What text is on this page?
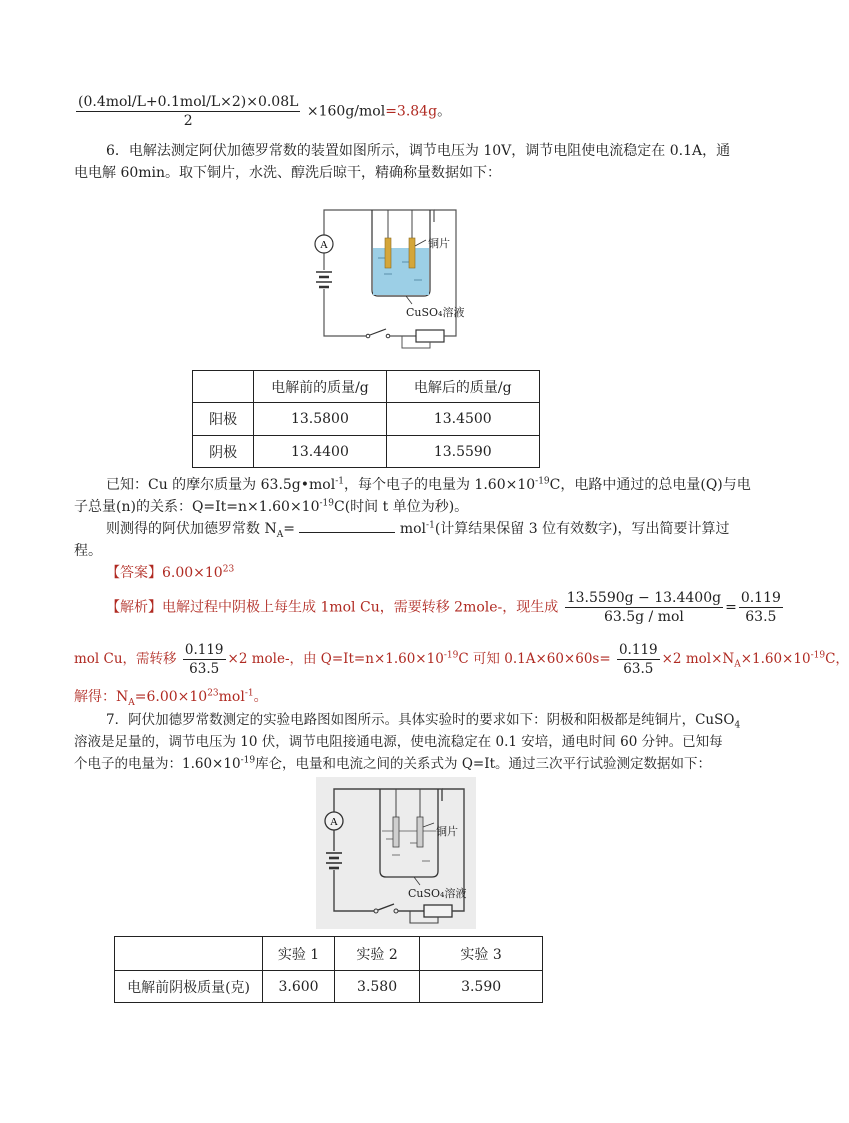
$\frac{\text{(0.4mol/L+0.1mol/L×2)×0.08L}}{2} \times 160g/mol=3.84g$。
6．电解法测定阿伏加德罗常数的装置如图所示，调节电压为 10V，调节电阻使电流稳定在 0.1A，通
电电解 60min。取下铜片，水洗、醇洗后晾干，精确称量数据如下：
A	铜片
CuSO₄溶液
	电解前的质量/g	电解后的质量/g
阳极	13.5800	13.4500
阴极	13.4400	13.5590
已知：Cu 的摩尔质量为 63.5g•mol$^{-1}$，每个电子的电量为 $1.60\times 10^{-19}C$，电路中通过的总电量(Q)与电
子总量(n)的关系：$Q=It=n\times 1.60\times 10^{-19}C$(时间 t 单位为秒)。
则测得的阿伏加德罗常数 $N_A=$	mol$^{-1}$(计算结果保留 3 位有效数字)，写出简要计算过
程。
【答案】$6.00\times 10^{23}$
【解析】电解过程中阴极上每生成 1mol Cu，需要转移 2mole-，现生成 $\frac{13.5590g - 13.4400g}{\text{63.5g / mol}} = \frac{0.119}{63.5}$
mol Cu，需转移 $\frac{0.119}{63.5} \times 2$ mole-，由 $Q=It=n\times 1.60\times 10^{-19}C$ 可知 $0.1A\times 60\times 60s= \frac{0.119}{63.5} \times 2$ $mol\times N_A\times 1.60\times 10^{-19}C$，
解得：$N_A=6.00\times 10^{23}mol^{-1}$。
7．阿伏加德罗常数测定的实验电路图如图所示。具体实验时的要求如下：阴极和阳极都是纯铜片，CuSO$_4$
溶液是足量的，调节电压为 10 伏，调节电阻接通电源，使电流稳定在 0.1 安培，通电时间 60 分钟。已知每
个电子的电量为：$1.60\times 10^{-19}$库仑，电量和电流之间的关系式为 Q=It。通过三次平行试验测定数据如下：
A
铜片
CuSO₄溶液
	实验 1	实验 2	实验 3
电解前阴极质量(克)	3.600	3.580	3.590
